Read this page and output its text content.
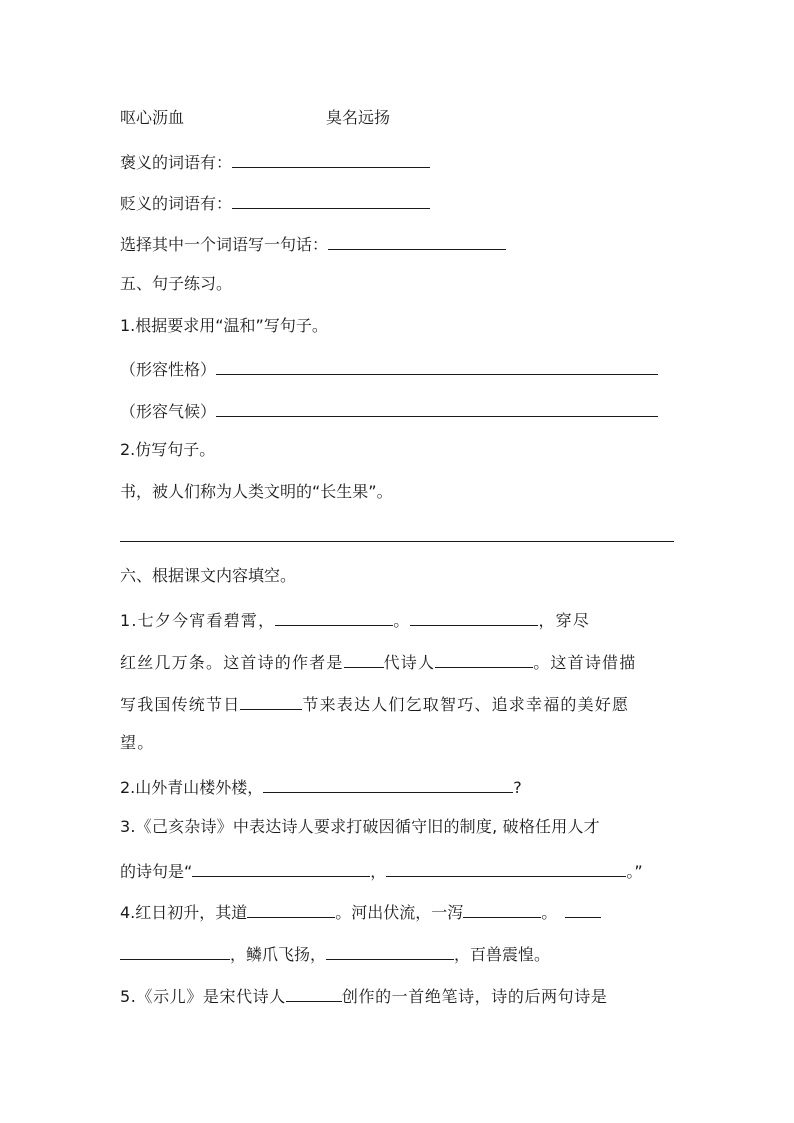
呕心沥血	臭名远扬
褒义的词语有：
贬义的词语有：
选择其中一个词语写一句话：
五、句子练习。
1.根据要求用“温和”写句子。
（形容性格）
（形容气候）
2.仿写句子。
书，被人们称为人类文明的“长生果”。
六、根据课文内容填空。
1.七夕今宵看碧霄，	。	，穿尽
红丝几万条。这首诗的作者是	代诗人	。这首诗借描
写我国传统节日	节来表达人们乞取智巧、追求幸福的美好愿
望。
2.山外青山楼外楼，	?
3.《己亥杂诗》中表达诗人要求打破因循守旧的制度, 破格任用人才
的诗句是“	，	。”
4.红日初升，其道	。河出伏流，一泻	。
，鳞爪飞扬，	，百兽震惶。
5.《示儿》是宋代诗人	创作的一首绝笔诗，诗的后两句诗是
